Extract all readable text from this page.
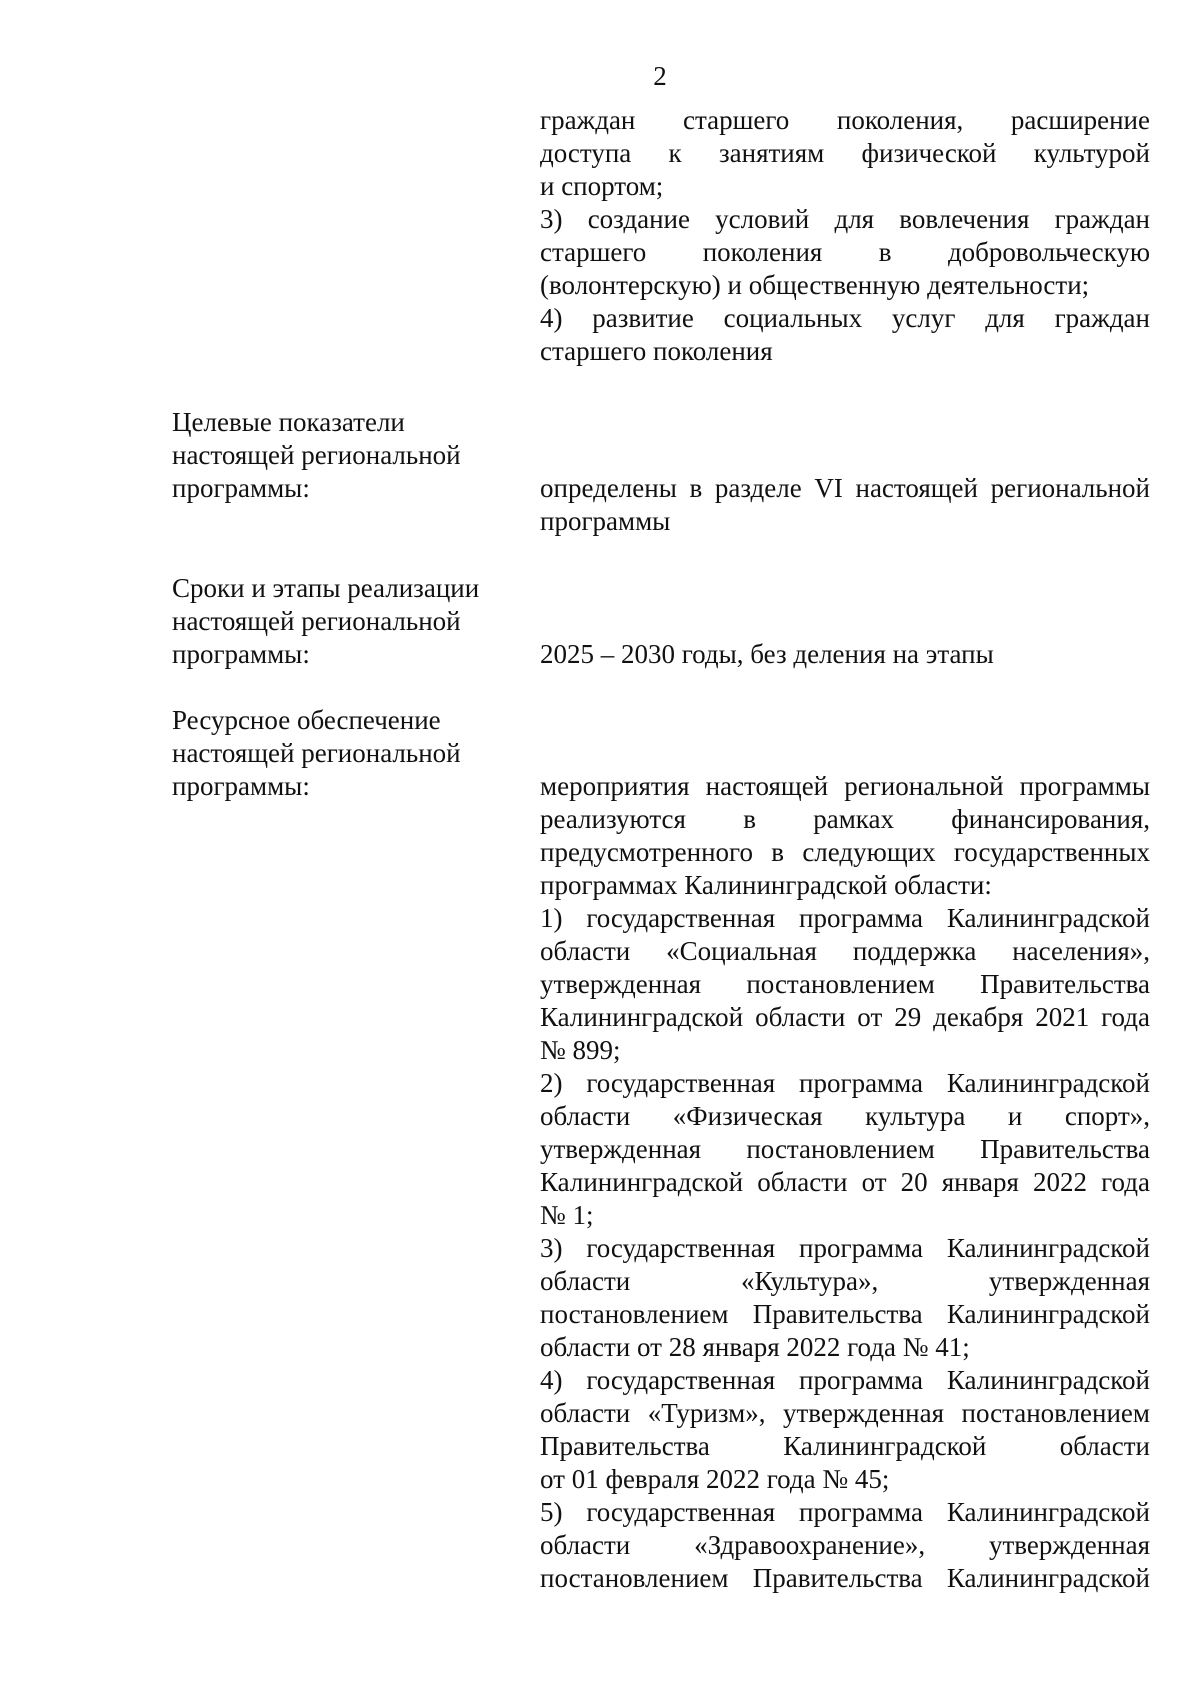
2

граждан старшего поколения, расширение

доступа к занятиям физической культурой

и спортом;

3) создание условий для вовлечения граждан

старшего поколения в добровольческую

(волонтерскую) и общественную деятельности;

4) развитие социальных услуг для граждан

старшего поколения

Целевые показатели

настоящей региональной

программы:	определены в разделе VI настоящей региональной

программы

Сроки и этапы реализации

настоящей региональной

программы:	2025 – 2030 годы, без деления на этапы

Ресурсное обеспечение

настоящей региональной

программы:	мероприятия настоящей региональной программы

реализуются в рамках финансирования,

предусмотренного в следующих государственных

программах Калининградской области:

1) государственная программа Калининградской

области «Социальная поддержка населения»,

утвержденная постановлением Правительства

Калининградской области от 29 декабря 2021 года

№ 899;

2) государственная программа Калининградской

области «Физическая культура и спорт»,

утвержденная постановлением Правительства

Калининградской области от 20 января 2022 года

№ 1;

3) государственная программа Калининградской

области «Культура», утвержденная

постановлением Правительства Калининградской

области от 28 января 2022 года № 41;

4) государственная программа Калининградской

области «Туризм», утвержденная постановлением

Правительства Калининградской области

от 01 февраля 2022 года № 45;

5) государственная программа Калининградской

области «Здравоохранение», утвержденная

постановлением Правительства Калининградской
